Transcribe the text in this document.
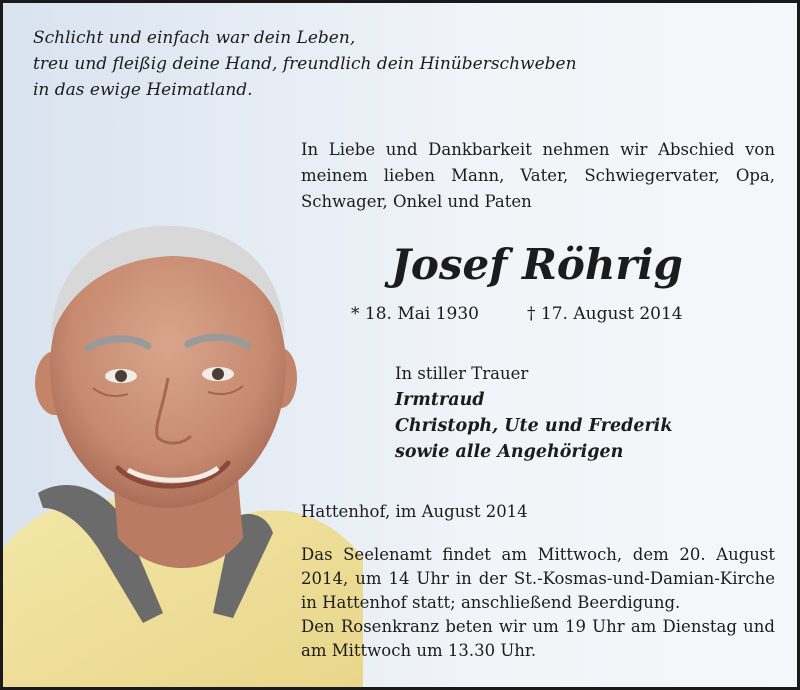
Schlicht und einfach war dein Leben,
treu und fleißig deine Hand, freundlich dein Hinüberschweben
in das ewige Heimatland.
In Liebe und Dankbarkeit nehmen wir Abschied von meinem lieben Mann, Vater, Schwiegervater, Opa, Schwager, Onkel und Paten
Josef Röhrig
* 18. Mai 1930	† 17. August 2014
In stiller Trauer
Irmtraud
Christoph, Ute und Frederik
sowie alle Angehörigen
Hattenhof, im August 2014

Das Seelenamt findet am Mittwoch, dem 20. August 2014, um 14 Uhr in der St.-Kosmas-und-Damian-Kirche in Hattenhof statt; anschließend Beerdigung.

Den Rosenkranz beten wir um 19 Uhr am Dienstag und am Mittwoch um 13.30 Uhr.
